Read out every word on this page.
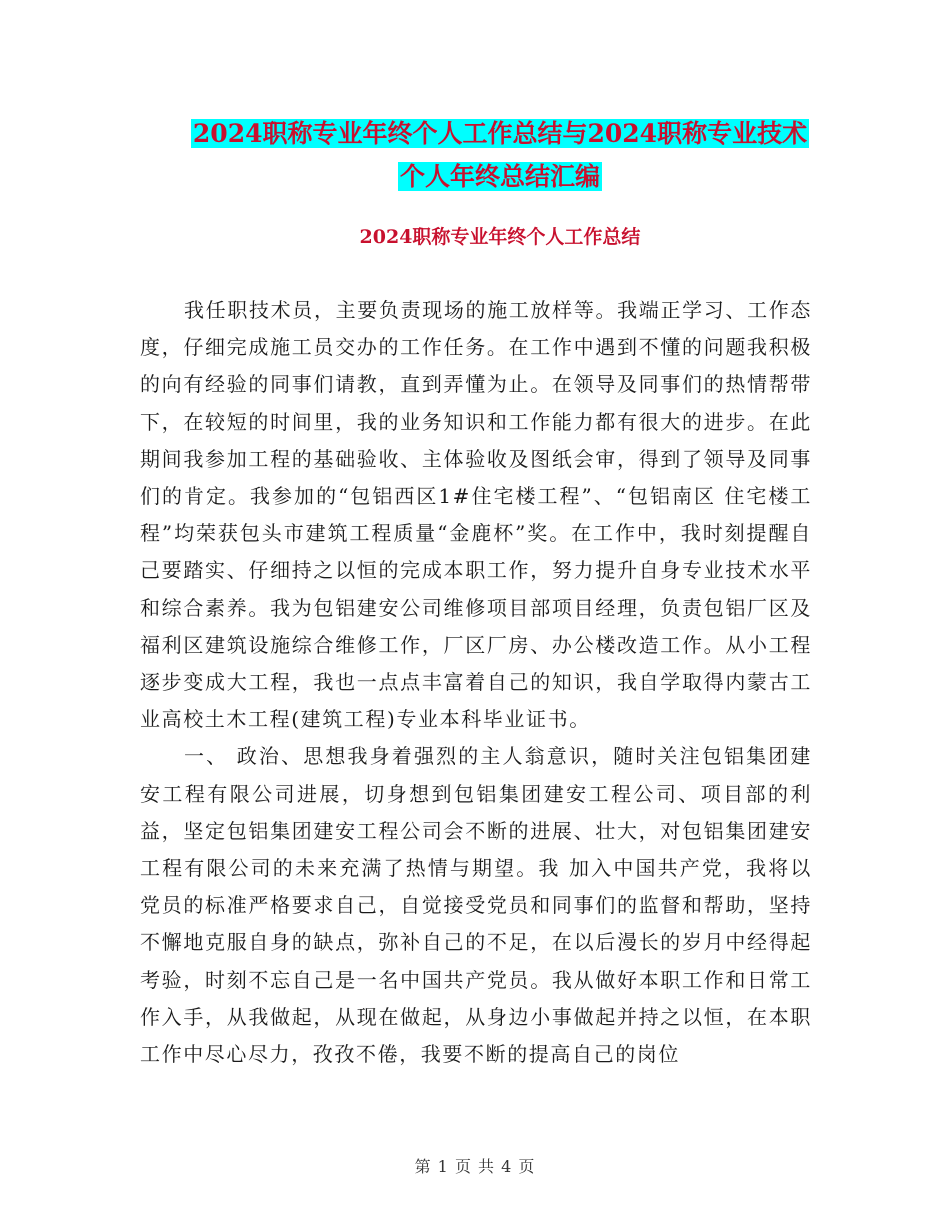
2024职称专业年终个人工作总结与2024职称专业技术
个人年终总结汇编
2024职称专业年终个人工作总结

我任职技术员，主要负责现场的施工放样等。我端正学习、工作态度，仔细完成施工员交办的工作任务。在工作中遇到不懂的问题我积极的向有经验的同事们请教，直到弄懂为止。在领导及同事们的热情帮带下，在较短的时间里，我的业务知识和工作能力都有很大的进步。在此期间我参加工程的基础验收、主体验收及图纸会审，得到了领导及同事们的肯定。我参加的“包铝西区1#住宅楼工程”、“包铝南区 住宅楼工程”均荣获包头市建筑工程质量“金鹿杯”奖。在工作中，我时刻提醒自己要踏实、仔细持之以恒的完成本职工作，努力提升自身专业技术水平和综合素养。我为包铝建安公司维修项目部项目经理，负责包铝厂区及福利区建筑设施综合维修工作，厂区厂房、办公楼改造工作。从小工程逐步变成大工程，我也一点点丰富着自己的知识，我自学取得内蒙古工业高校土木工程(建筑工程)专业本科毕业证书。

一、 政治、思想我身着强烈的主人翁意识，随时关注包铝集团建安工程有限公司进展，切身想到包铝集团建安工程公司、项目部的利益，坚定包铝集团建安工程公司会不断的进展、壮大，对包铝集团建安工程有限公司的未来充满了热情与期望。我 加入中国共产党，我将以党员的标准严格要求自己，自觉接受党员和同事们的监督和帮助，坚持不懈地克服自身的缺点，弥补自己的不足，在以后漫长的岁月中经得起考验，时刻不忘自己是一名中国共产党员。我从做好本职工作和日常工作入手，从我做起，从现在做起，从身边小事做起并持之以恒，在本职工作中尽心尽力，孜孜不倦，我要不断的提高自己的岗位

第 1 页 共 4 页
